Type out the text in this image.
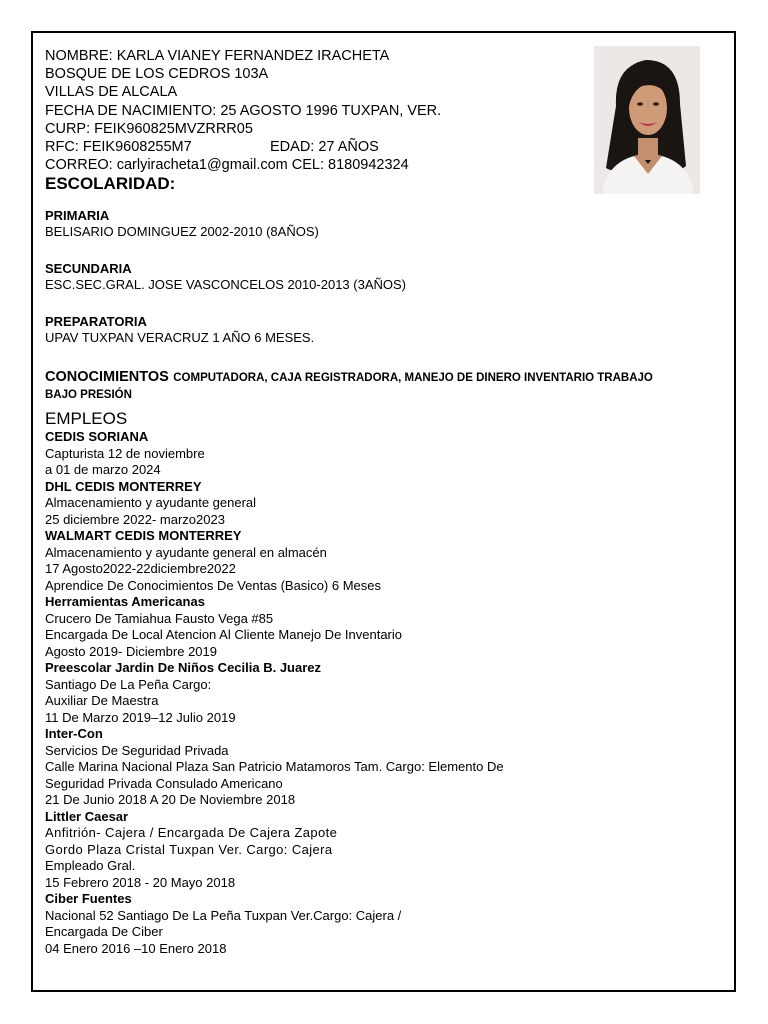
NOMBRE: KARLA VIANEY FERNANDEZ IRACHETA
BOSQUE DE LOS CEDROS 103A
VILLAS DE ALCALA
FECHA DE NACIMIENTO: 25 AGOSTO 1996 TUXPAN, VER.
CURP: FEIK960825MVZRRR05
RFC: FEIK9608255M7	EDAD: 27 AÑOS
CORREO: carlyiracheta1@gmail.com CEL: 8180942324
ESCOLARIDAD:
PRIMARIA
BELISARIO DOMINGUEZ 2002-2010 (8AÑOS)
SECUNDARIA
ESC.SEC.GRAL. JOSE VASCONCELOS 2010-2013 (3AÑOS)
PREPARATORIA
UPAV TUXPAN VERACRUZ 1 AÑO 6 MESES.
CONOCIMIENTOS COMPUTADORA, CAJA REGISTRADORA, MANEJO DE DINERO INVENTARIO TRABAJO
BAJO PRESIÓN
EMPLEOS
CEDIS SORIANA
Capturista 12 de noviembre
a 01 de marzo 2024
DHL CEDIS MONTERREY
Almacenamiento y ayudante general
25 diciembre 2022- marzo2023
WALMART CEDIS MONTERREY
Almacenamiento y ayudante general en almacén
17 Agosto2022-22diciembre2022
Aprendice De Conocimientos De Ventas (Basico) 6 Meses
Herramientas Americanas
Crucero De Tamiahua Fausto Vega #85
Encargada De Local Atencion Al Cliente Manejo De Inventario
Agosto 2019- Diciembre 2019
Preescolar Jardin De Niños Cecilia B. Juarez
Santiago De La Peña Cargo:
Auxiliar De Maestra
11 De Marzo 2019–12 Julio 2019
Inter-Con
Servicios De Seguridad Privada
Calle Marina Nacional Plaza San Patricio Matamoros Tam. Cargo: Elemento De
Seguridad Privada Consulado Americano
21 De Junio 2018 A 20 De Noviembre 2018
Littler Caesar
Anfitrión- Cajera / Encargada De Cajera Zapote
Gordo Plaza Cristal Tuxpan Ver. Cargo: Cajera
Empleado Gral.
15 Febrero 2018 - 20 Mayo 2018
Ciber Fuentes
Nacional 52 Santiago De La Peña Tuxpan Ver.Cargo: Cajera /
Encargada De Ciber
04 Enero 2016 –10 Enero 2018
